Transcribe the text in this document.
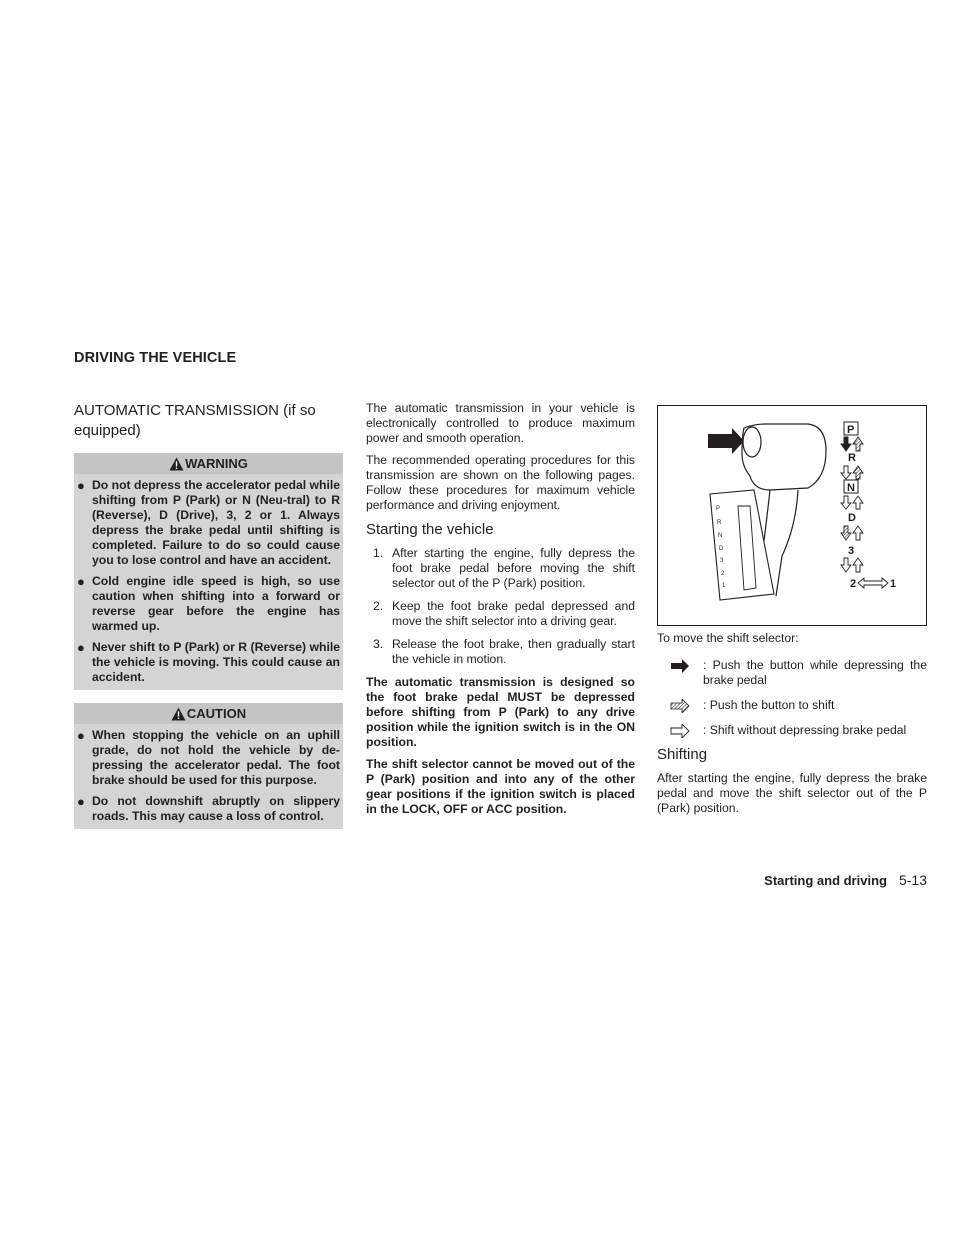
DRIVING THE VEHICLE
AUTOMATIC TRANSMISSION (if so equipped)
WARNING
● Do not depress the accelerator pedal while shifting from P (Park) or N (Neu-tral) to R (Reverse), D (Drive), 3, 2 or 1. Always depress the brake pedal until shifting is completed. Failure to do so could cause you to lose control and have an accident.
● Cold engine idle speed is high, so use caution when shifting into a forward or reverse gear before the engine has warmed up.
● Never shift to P (Park) or R (Reverse) while the vehicle is moving. This could cause an accident.
CAUTION
● When stopping the vehicle on an uphill grade, do not hold the vehicle by de-pressing the accelerator pedal. The foot brake should be used for this purpose.
● Do not downshift abruptly on slippery roads. This may cause a loss of control.

The automatic transmission in your vehicle is electronically controlled to produce maximum power and smooth operation.

The recommended operating procedures for this transmission are shown on the following pages. Follow these procedures for maximum vehicle performance and driving enjoyment.

Starting the vehicle
1. After starting the engine, fully depress the foot brake pedal before moving the shift selector out of the P (Park) position.
2. Keep the foot brake pedal depressed and move the shift selector into a driving gear.
3. Release the foot brake, then gradually start the vehicle in motion.

The automatic transmission is designed so the foot brake pedal MUST be depressed before shifting from P (Park) to any drive position while the ignition switch is in the ON position.

The shift selector cannot be moved out of the P (Park) position and into any of the other gear positions if the ignition switch is placed in the LOCK, OFF or ACC position.

P
R
N
D
3
2
1
P
R
N
D
3
2	1

To move the shift selector:

: Push the button while depressing the brake pedal
: Push the button to shift
: Shift without depressing brake pedal
Shifting

After starting the engine, fully depress the brake pedal and move the shift selector out of the P (Park) position.

Starting and driving 5-13
